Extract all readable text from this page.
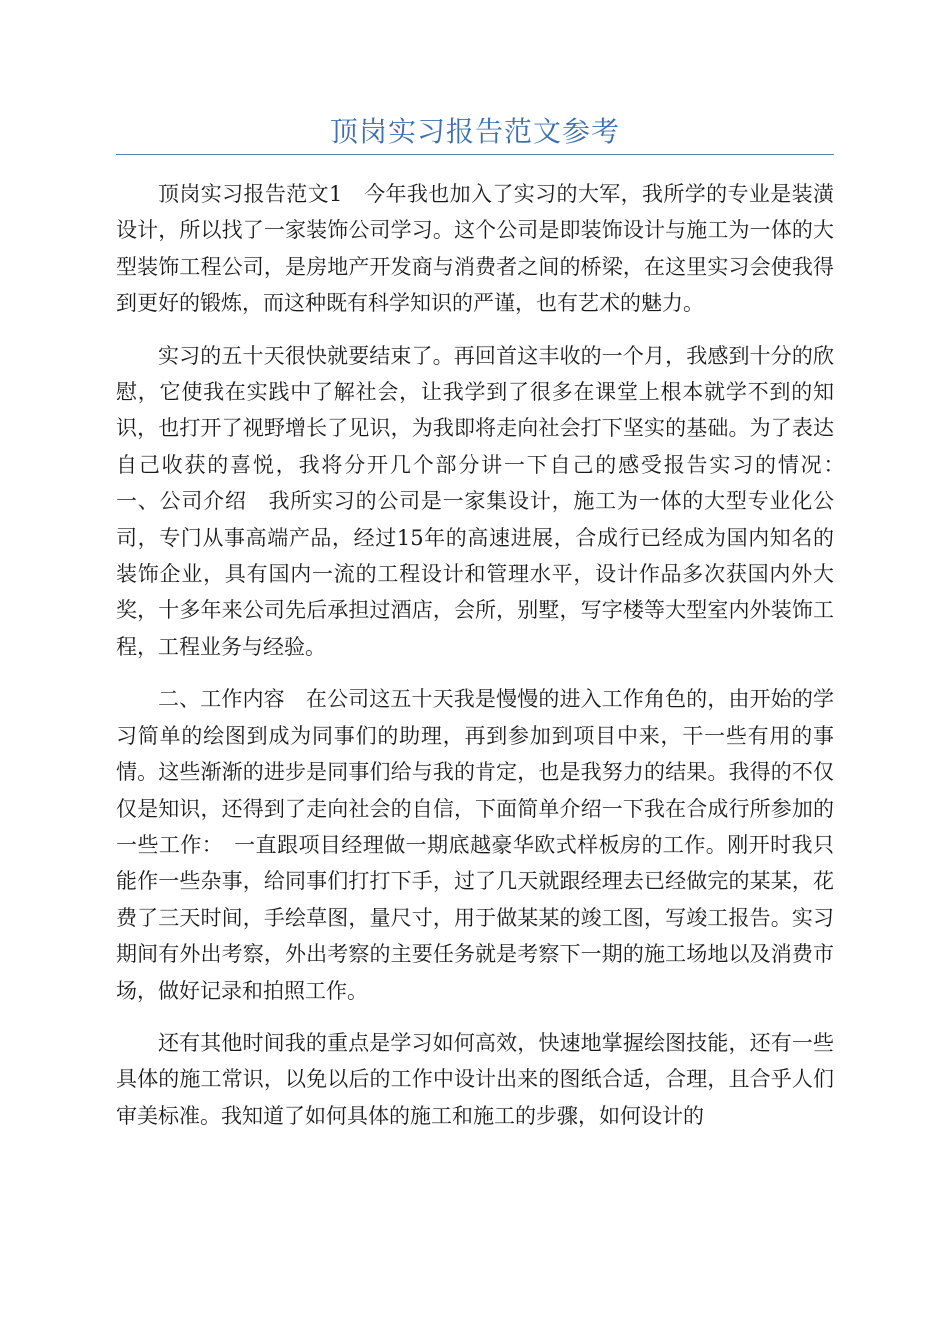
顶岗实习报告范文参考

顶岗实习报告范文1　今年我也加入了实习的大军，我所学的专业是装潢设计，所以找了一家装饰公司学习。这个公司是即装饰设计与施工为一体的大型装饰工程公司，是房地产开发商与消费者之间的桥梁，在这里实习会使我得到更好的锻炼，而这种既有科学知识的严谨，也有艺术的魅力。

实习的五十天很快就要结束了。再回首这丰收的一个月，我感到十分的欣慰，它使我在实践中了解社会，让我学到了很多在课堂上根本就学不到的知识，也打开了视野增长了见识，为我即将走向社会打下坚实的基础。为了表达自己收获的喜悦，我将分开几个部分讲一下自己的感受报告实习的情况：　一、公司介绍　我所实习的公司是一家集设计，施工为一体的大型专业化公司，专门从事高端产品，经过15年的高速进展，合成行已经成为国内知名的装饰企业，具有国内一流的工程设计和管理水平，设计作品多次获国内外大奖，十多年来公司先后承担过酒店，会所，别墅，写字楼等大型室内外装饰工程，工程业务与经验。

二、工作内容　在公司这五十天我是慢慢的进入工作角色的，由开始的学习简单的绘图到成为同事们的助理，再到参加到项目中来，干一些有用的事情。这些渐渐的进步是同事们给与我的肯定，也是我努力的结果。我得的不仅仅是知识，还得到了走向社会的自信，下面简单介绍一下我在合成行所参加的一些工作：　一直跟项目经理做一期底越豪华欧式样板房的工作。刚开时我只能作一些杂事，给同事们打打下手，过了几天就跟经理去已经做完的某某，花费了三天时间，手绘草图，量尺寸，用于做某某的竣工图，写竣工报告。实习期间有外出考察，外出考察的主要任务就是考察下一期的施工场地以及消费市场，做好记录和拍照工作。

还有其他时间我的重点是学习如何高效，快速地掌握绘图技能，还有一些具体的施工常识，以免以后的工作中设计出来的图纸合适，合理，且合乎人们审美标准。我知道了如何具体的施工和施工的步骤，如何设计的
